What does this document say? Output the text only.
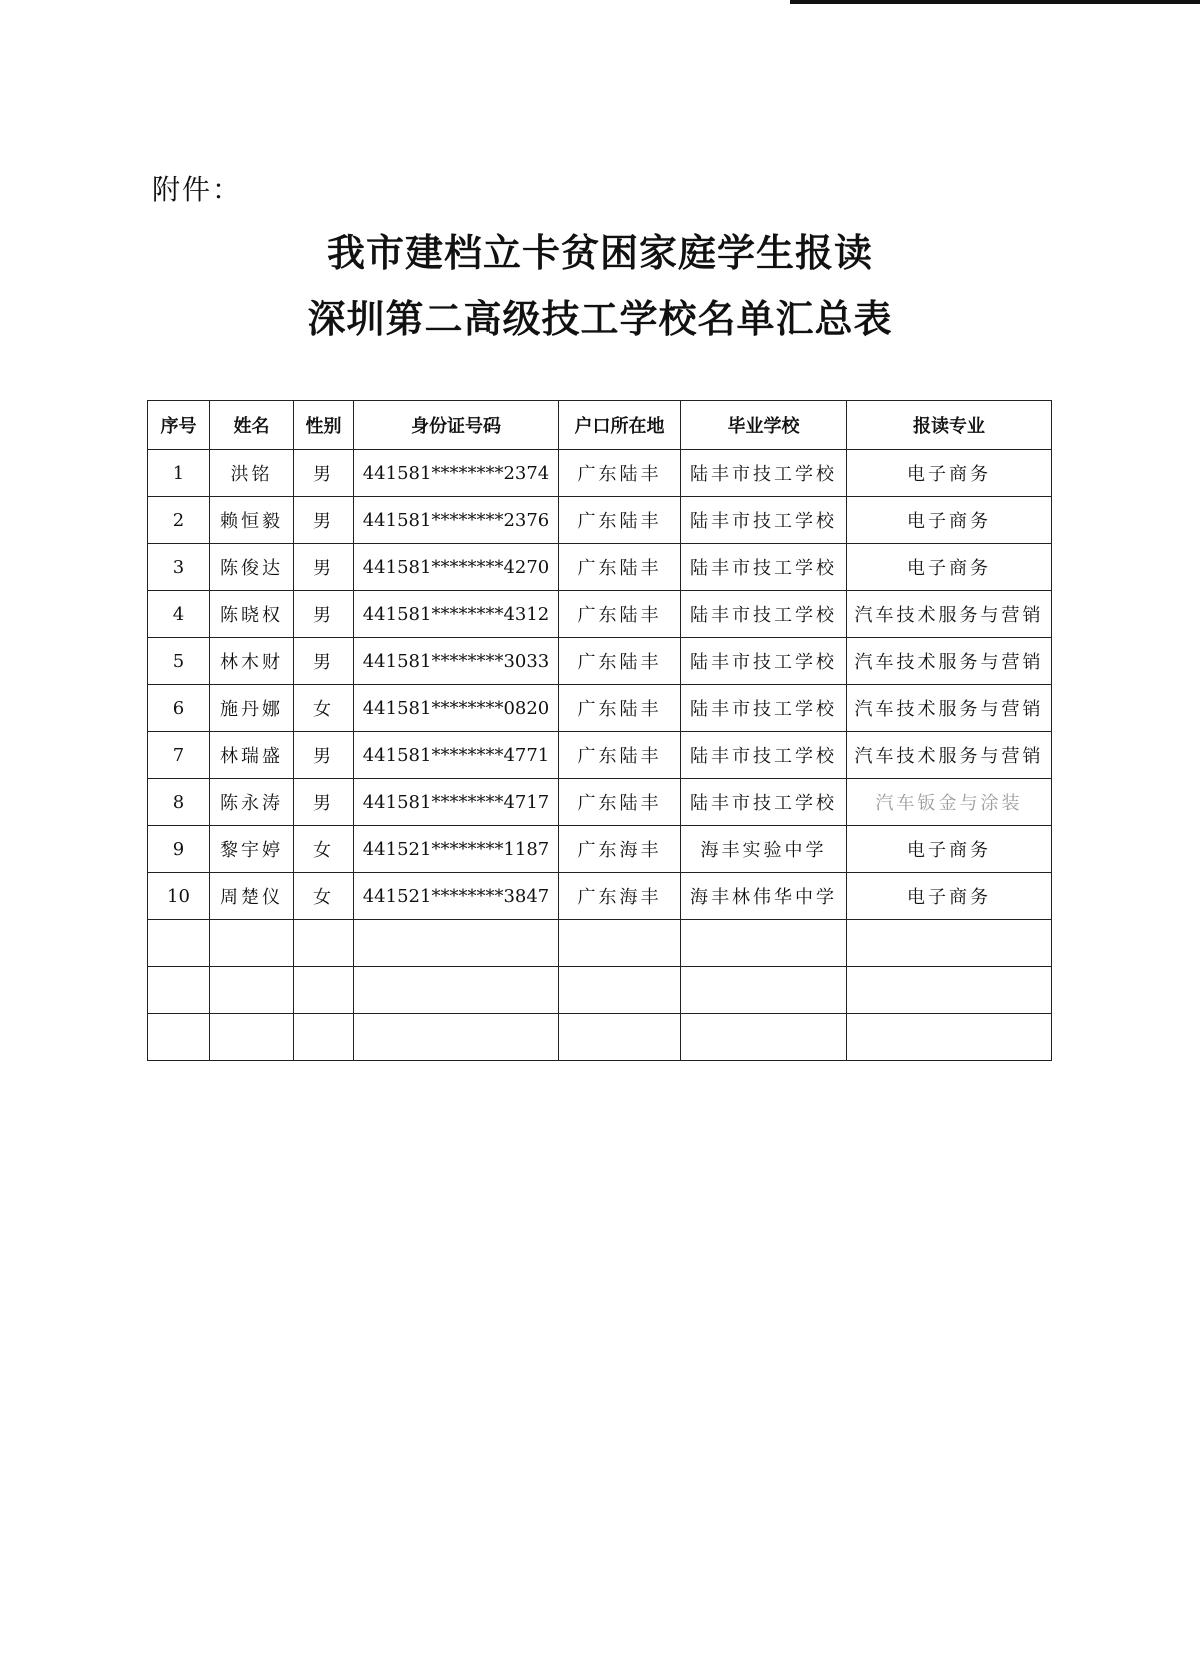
附件：
我市建档立卡贫困家庭学生报读
深圳第二高级技工学校名单汇总表
序号	姓名	性别	身份证号码	户口所在地	毕业学校	报读专业
1	洪铭	男	441581********2374	广东陆丰	陆丰市技工学校	电子商务
2	赖恒毅	男	441581********2376	广东陆丰	陆丰市技工学校	电子商务
3	陈俊达	男	441581********4270	广东陆丰	陆丰市技工学校	电子商务
4	陈晓权	男	441581********4312	广东陆丰	陆丰市技工学校	汽车技术服务与营销
5	林木财	男	441581********3033	广东陆丰	陆丰市技工学校	汽车技术服务与营销
6	施丹娜	女	441581********0820	广东陆丰	陆丰市技工学校	汽车技术服务与营销
7	林瑞盛	男	441581********4771	广东陆丰	陆丰市技工学校	汽车技术服务与营销
8	陈永涛	男	441581********4717	广东陆丰	陆丰市技工学校	汽车钣金与涂装
9	黎宇婷	女	441521********1187	广东海丰	海丰实验中学	电子商务
10	周楚仪	女	441521********3847	广东海丰	海丰林伟华中学	电子商务
